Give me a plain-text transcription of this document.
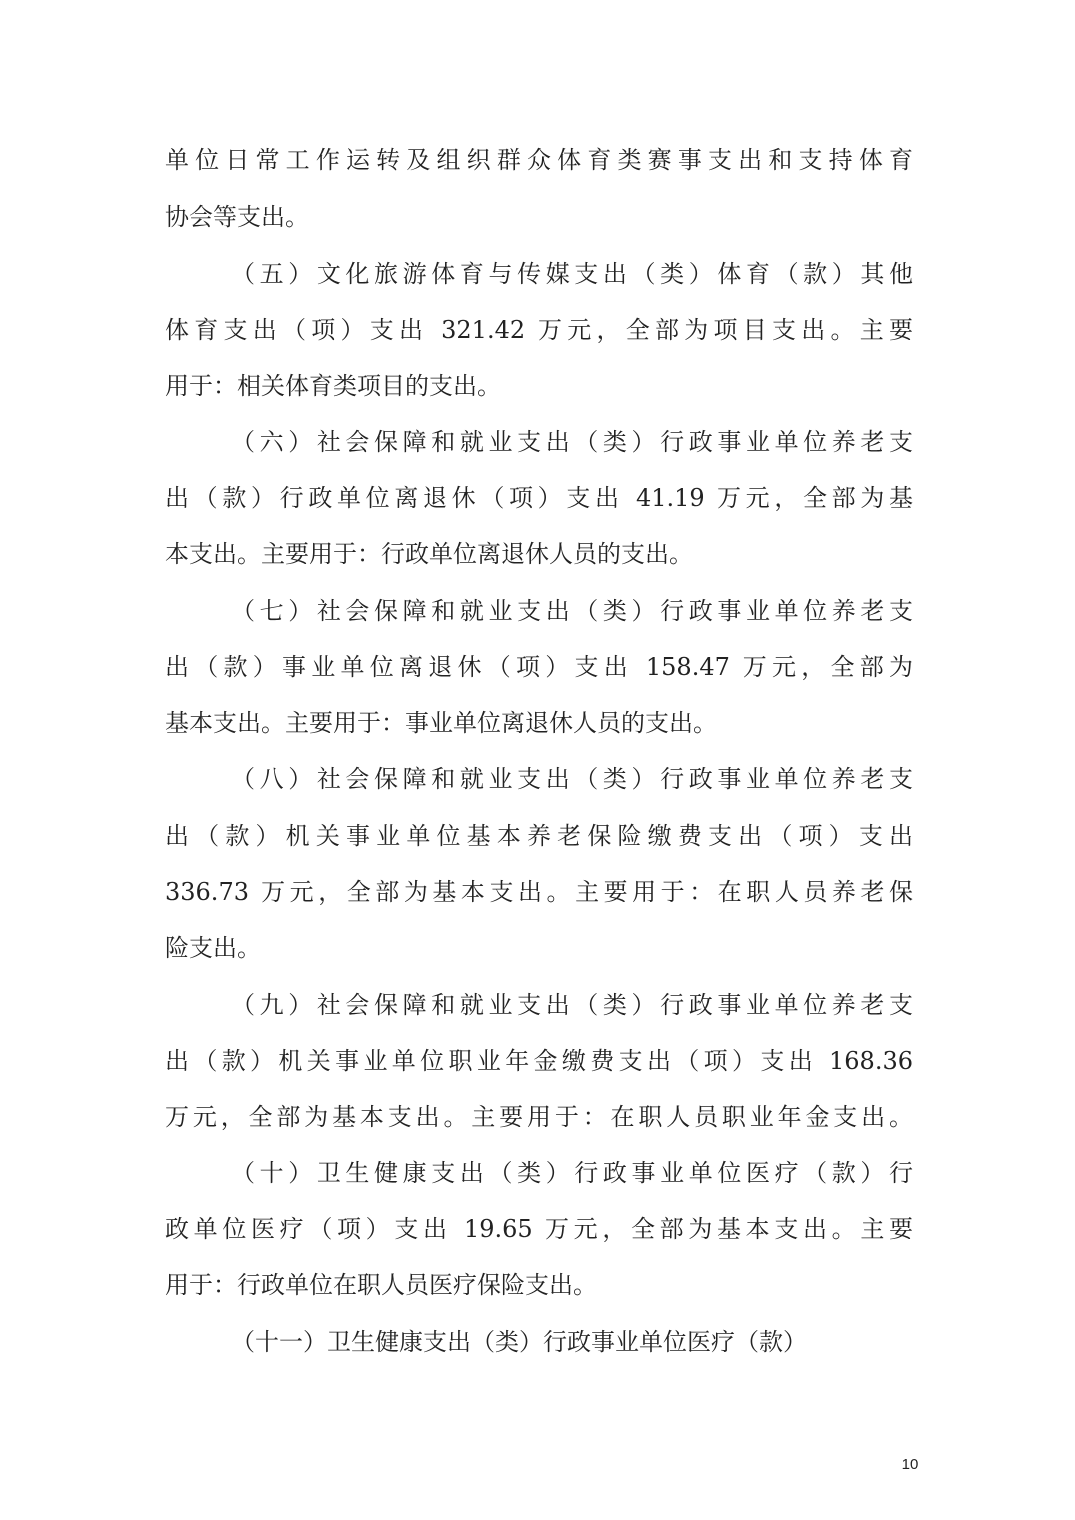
单位日常工作运转及组织群众体育类赛事支出和支持体育
协会等支出。
（五）文化旅游体育与传媒支出（类）体育（款）其他
体育支出（项）支出 321.42 万元，全部为项目支出。主要
用于：相关体育类项目的支出。
（六）社会保障和就业支出（类）行政事业单位养老支
出（款）行政单位离退休（项）支出 41.19 万元，全部为基
本支出。主要用于：行政单位离退休人员的支出。
（七）社会保障和就业支出（类）行政事业单位养老支
出（款）事业单位离退休（项）支出 158.47 万元，全部为
基本支出。主要用于：事业单位离退休人员的支出。
（八）社会保障和就业支出（类）行政事业单位养老支
出（款）机关事业单位基本养老保险缴费支出（项）支出
336.73 万元，全部为基本支出。主要用于：在职人员养老保
险支出。
（九）社会保障和就业支出（类）行政事业单位养老支
出（款）机关事业单位职业年金缴费支出（项）支出 168.36
万元，全部为基本支出。主要用于：在职人员职业年金支出。
（十）卫生健康支出（类）行政事业单位医疗（款）行
政单位医疗（项）支出 19.65 万元，全部为基本支出。主要
用于：行政单位在职人员医疗保险支出。
（十一）卫生健康支出（类）行政事业单位医疗（款）
10
